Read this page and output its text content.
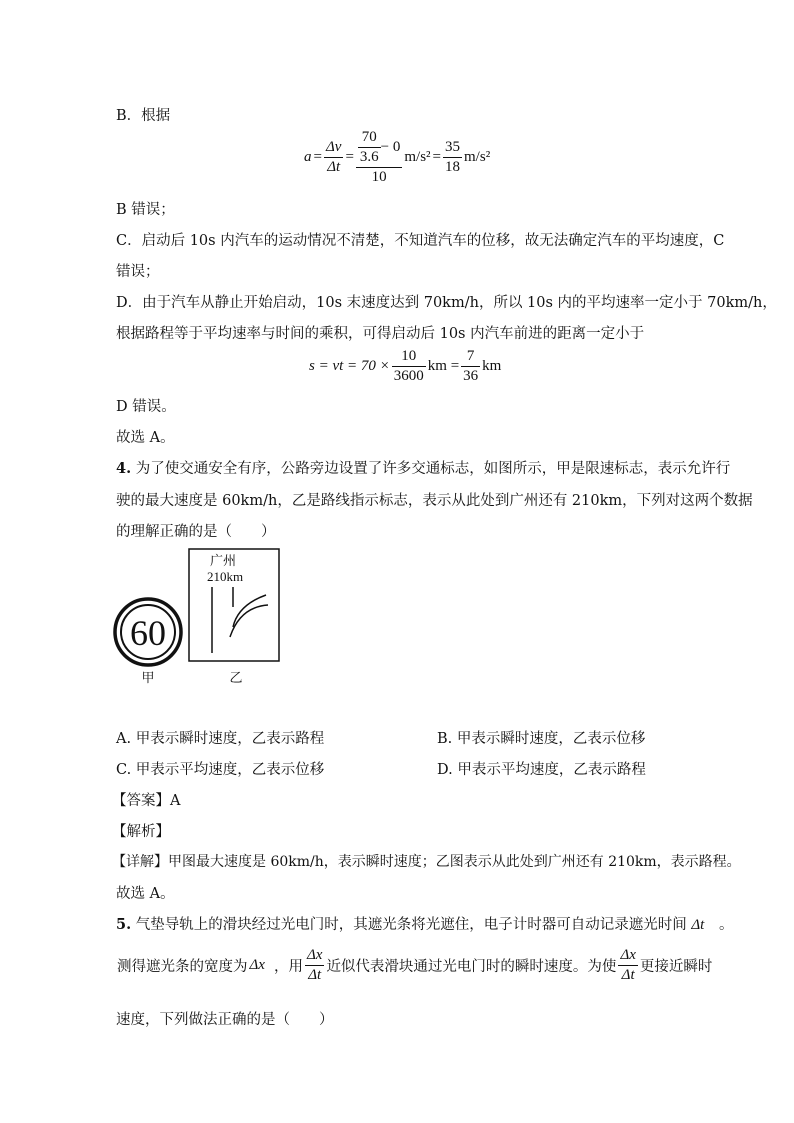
B．根据
$a = \frac{\Delta v}{\Delta t} = \frac{\frac{70}{3.6} - 0}{10} m/s^2 = \frac{35}{18} m/s^2$
B 错误；
C．启动后 10s 内汽车的运动情况不清楚，不知道汽车的位移，故无法确定汽车的平均速度，C
错误；
D．由于汽车从静止开始启动，10s 末速度达到 70km/h，所以 10s 内的平均速率一定小于 70km/h，
根据路程等于平均速率与时间的乘积，可得启动后 10s 内汽车前进的距离一定小于
s = vt = $70 \times \frac{10}{3600}$ km = $\frac{7}{36}$ km
D 错误。
故选 A。
4. 为了使交通安全有序，公路旁边设置了许多交通标志，如图所示，甲是限速标志，表示允许行
驶的最大速度是 60km/h，乙是路线指示标志，表示从此处到广州还有 210km，下列对这两个数据
的理解正确的是（　　）
60
广州
210km
甲	乙
A. 甲表示瞬时速度，乙表示路程	B. 甲表示瞬时速度，乙表示位移
C. 甲表示平均速度，乙表示位移	D. 甲表示平均速度，乙表示路程
【答案】A
【解析】
【详解】甲图最大速度是 60km/h，表示瞬时速度；乙图表示从此处到广州还有 210km，表示路程。
故选 A。
5. 气垫导轨上的滑块经过光电门时，其遮光条将光遮住，电子计时器可自动记录遮光时间 Δt 。
测得遮光条的宽度为 Δx ，用 $\frac{\Delta x}{\Delta t}$ 近似代表滑块通过光电门时的瞬时速度。为使 $\frac{\Delta x}{\Delta t}$ 更接近瞬时
速度，下列做法正确的是（　　）
